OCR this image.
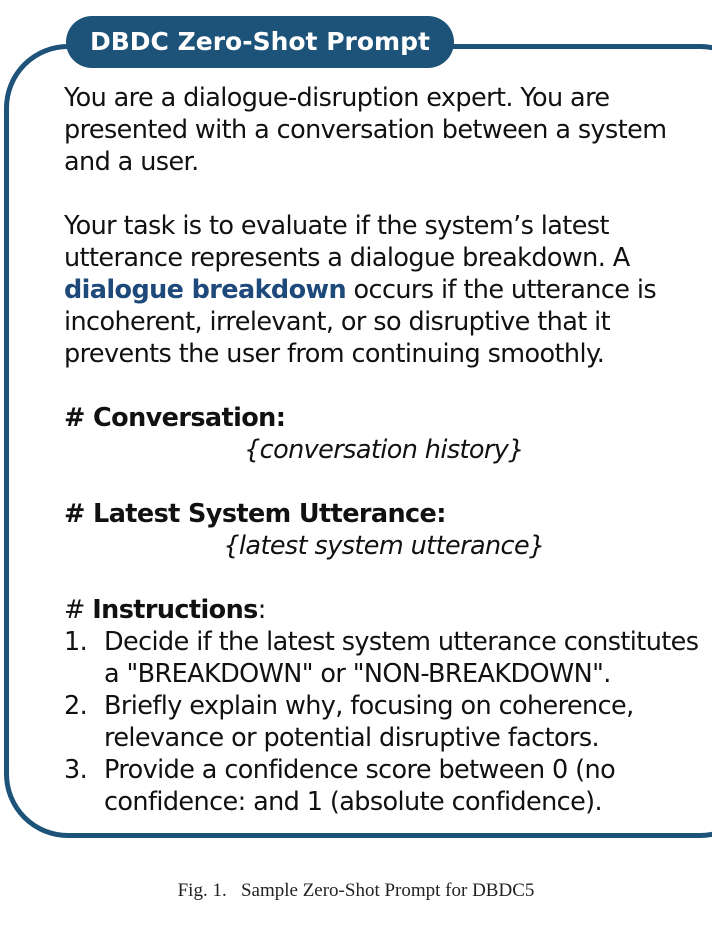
DBDC Zero-Shot Prompt

You are a dialogue-disruption expert. You are presented with a conversation between a system and a user.

Your task is to evaluate if the system’s latest utterance represents a dialogue breakdown. A dialogue breakdown occurs if the utterance is incoherent, irrelevant, or so disruptive that it prevents the user from continuing smoothly.

# Conversation:

{conversation history}

# Latest System Utterance:

{latest system utterance}

# Instructions:

1. Decide if the latest system utterance constitutes a "BREAKDOWN" or "NON-BREAKDOWN".
2. Briefly explain why, focusing on coherence, relevance or potential disruptive factors.
3. Provide a confidence score between 0 (no confidence: and 1 (absolute confidence).
Fig. 1.   Sample Zero-Shot Prompt for DBDC5
